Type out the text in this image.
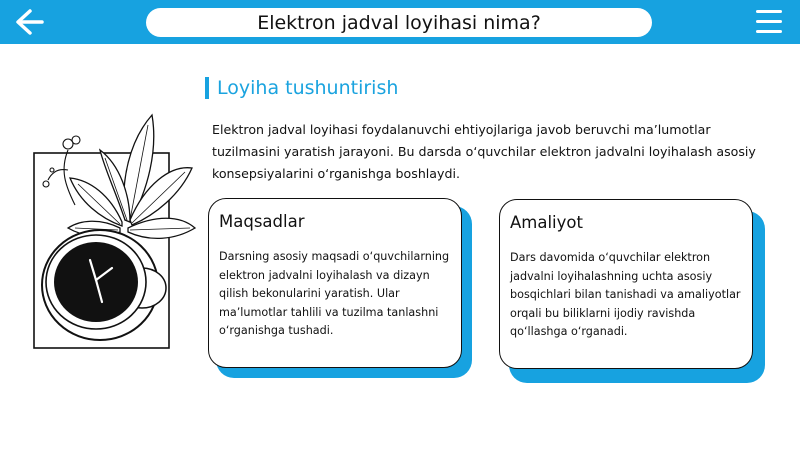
Elektron jadval loyihasi nima?
Loyiha tushuntirish
Elektron jadval loyihasi foydalanuvchi ehtiyojlariga javob beruvchi ma’lumotlar tuzilmasini yaratish jarayoni. Bu darsda o‘quvchilar elektron jadvalni loyihalash asosiy konsepsiyalarini o‘rganishga boshlaydi.
Maqsadlar

Darsning asosiy maqsadi o‘quvchilarning elektron jadvalni loyihalash va dizayn qilish bekonularini yaratish. Ular ma’lumotlar tahlili va tuzilma tanlashni o‘rganishga tushadi.

Amaliyot

Dars davomida o‘quvchilar elektron jadvalni loyihalashning uchta asosiy bosqichlari bilan tanishadi va amaliyotlar orqali bu biliklarni ijodiy ravishda qo‘llashga o‘rganadi.
